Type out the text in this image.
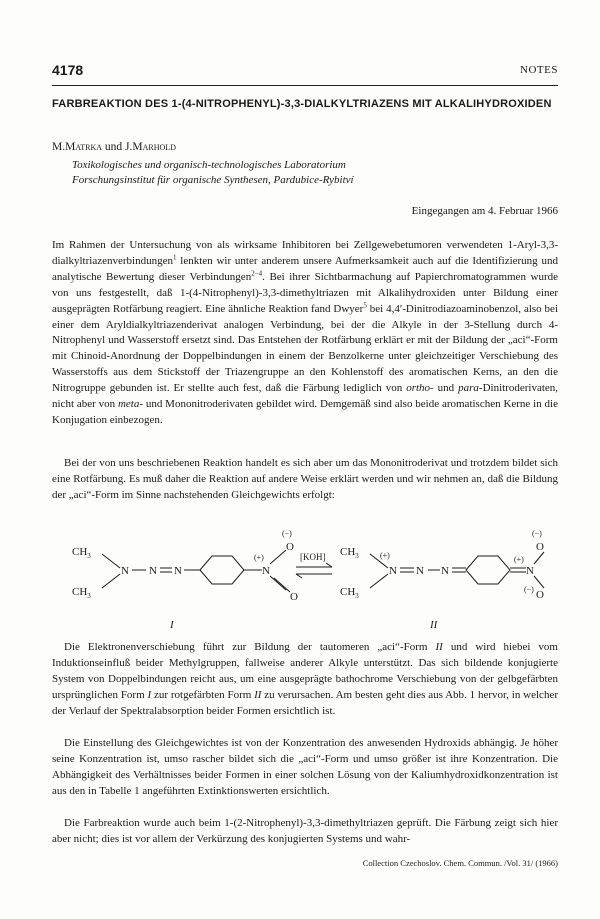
4178	NOTES
FARBREAKTION DES 1-(4-NITROPHENYL)-3,3-DIALKYLTRIAZENS MIT ALKALIHYDROXIDEN
M.Matrka und J.Marhold
Toxikologisches und organisch-technologisches Laboratorium
Forschungsinstitut für organische Synthesen, Pardubice-Rybitví
Eingegangen am 4. Februar 1966

Im Rahmen der Untersuchung von als wirksame Inhibitoren bei Zellgewebetumoren verwendeten 1-Aryl-3,3-dialkyltriazenverbindungen$^1$ lenkten wir unter anderem unsere Aufmerksamkeit auch auf die Identifizierung und analytische Bewertung dieser Verbindungen$^{2-4}$. Bei ihrer Sichtbarmachung auf Papierchromatogrammen wurde von uns festgestellt, daß 1-(4-Nitrophenyl)-3,3-dimethyltriazen mit Alkalihydroxiden unter Bildung einer ausgeprägten Rotfärbung reagiert. Eine ähnliche Reaktion fand Dwyer$^5$ bei 4,4′-Dinitrodiazoaminobenzol, also bei einer dem Aryldialkyltriazenderivat analogen Verbindung, bei der die Alkyle in der 3-Stellung durch 4-Nitrophenyl und Wasserstoff ersetzt sind. Das Entstehen der Rotfärbung erklärt er mit der Bildung der „aci“-Form mit Chinoid-Anordnung der Doppelbindungen in einem der Benzolkerne unter gleichzeitiger Verschiebung des Wasserstoffs aus dem Stickstoff der Triazengruppe an den Kohlenstoff des aromatischen Kerns, an den die Nitrogruppe gebunden ist. Er stellte auch fest, daß die Färbung lediglich von ortho- und para-Dinitroderivaten, nicht aber von meta- und Mononitroderivaten gebildet wird. Demgemäß sind also beide aromatischen Kerne in die Konjugation einbezogen.

Bei der von uns beschriebenen Reaktion handelt es sich aber um das Mononitroderivat und trotzdem bildet sich eine Rotfärbung. Es muß daher die Reaktion auf andere Weise erklärt werden und wir nehmen an, daß die Bildung der „aci“-Form im Sinne nachstehenden Gleichgewichts erfolgt:

$CH_3$
$CH_3$
N N N	N
(+)
(−)
O
O
[KOH] $CH_3$
$CH_3$
(+)
N N N	N
(+)
(−)
O
O
(−)
I	II

Die Elektronenverschiebung führt zur Bildung der tautomeren „aci“-Form II und wird hiebei vom Induktionseinfluß beider Methylgruppen, fallweise anderer Alkyle unterstützt. Das sich bildende konjugierte System von Doppelbindungen reicht aus, um eine ausgeprägte bathochrome Verschiebung von der gelbgefärbten ursprünglichen Form I zur rotgefärbten Form II zu verursachen. Am besten geht dies aus Abb. 1 hervor, in welcher der Verlauf der Spektralabsorption beider Formen ersichtlich ist.

Die Einstellung des Gleichgewichtes ist von der Konzentration des anwesenden Hydroxids abhängig. Je höher seine Konzentration ist, umso rascher bildet sich die „aci“-Form und umso größer ist ihre Konzentration. Die Abhängigkeit des Verhältnisses beider Formen in einer solchen Lösung von der Kaliumhydroxidkonzentration ist aus den in Tabelle 1 angeführten Extinktionswerten ersichtlich.

Die Farbreaktion wurde auch beim 1-(2-Nitrophenyl)-3,3-dimethyltriazen geprüft. Die Färbung zeigt sich hier aber nicht; dies ist vor allem der Verkürzung des konjugierten Systems und wahr-

Collection Czechoslov. Chem. Commun. /Vol. 31/ (1966)
